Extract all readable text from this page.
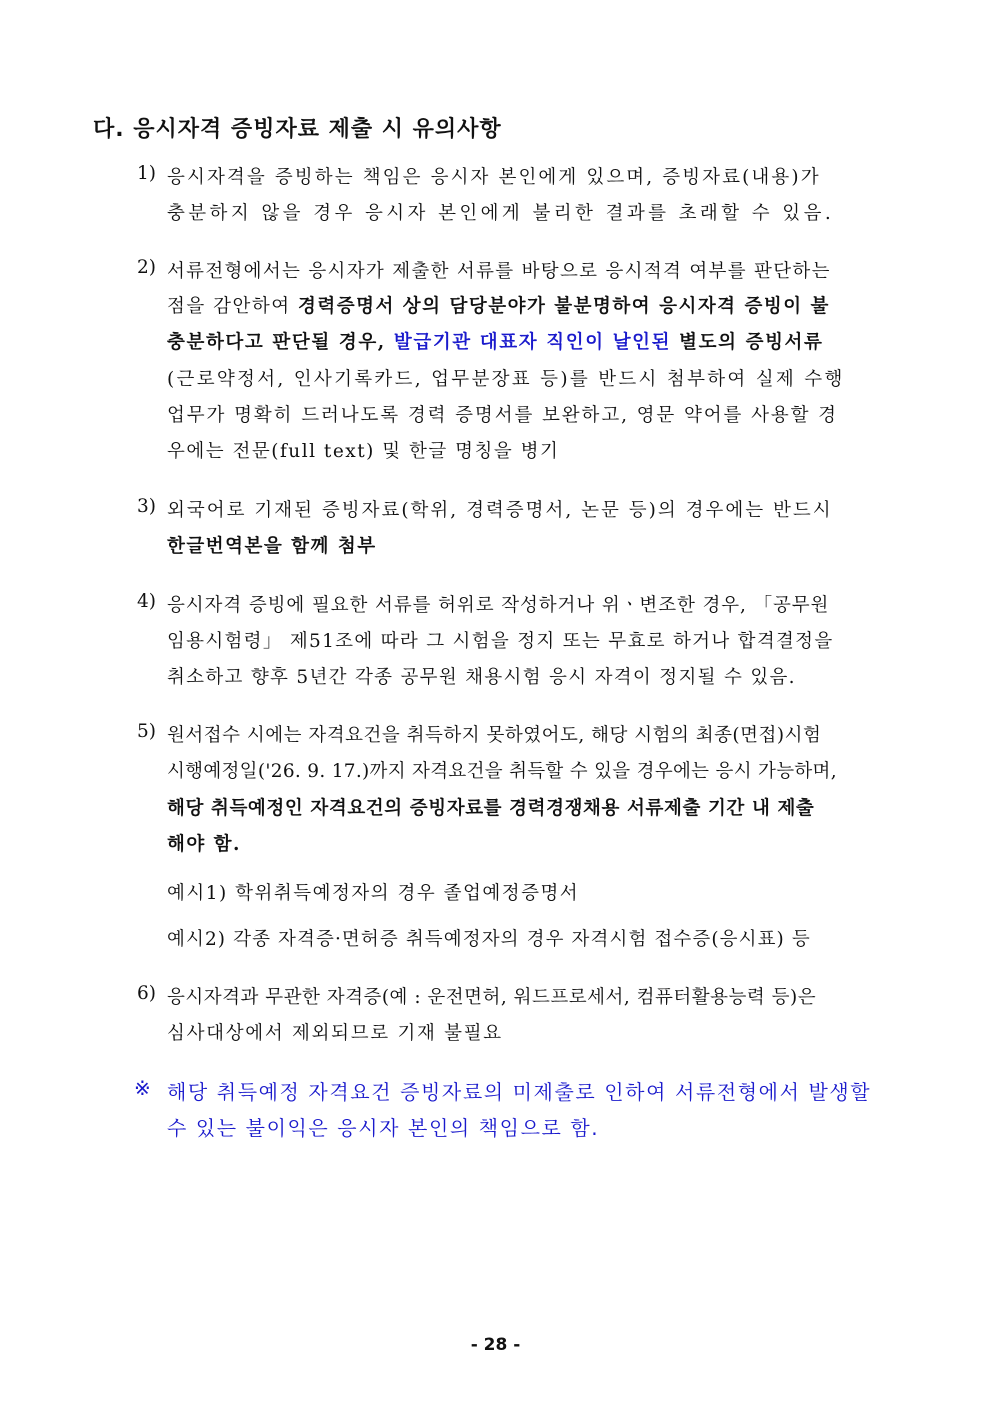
다. 응시자격 증빙자료 제출 시 유의사항
1) 응시자격을 증빙하는 책임은 응시자 본인에게 있으며, 증빙자료(내용)가
충분하지 않을 경우 응시자 본인에게 불리한 결과를 초래할 수 있음.
2) 서류전형에서는 응시자가 제출한 서류를 바탕으로 응시적격 여부를 판단하는
점을 감안하여 경력증명서 상의 담당분야가 불분명하여 응시자격 증빙이 불
충분하다고 판단될 경우, 발급기관 대표자 직인이 날인된 별도의 증빙서류
(근로약정서, 인사기록카드, 업무분장표 등)를 반드시 첨부하여 실제 수행
업무가 명확히 드러나도록 경력 증명서를 보완하고, 영문 약어를 사용할 경
우에는 전문(full text) 및 한글 명칭을 병기
3) 외국어로 기재된 증빙자료(학위, 경력증명서, 논문 등)의 경우에는 반드시
한글번역본을 함께 첨부
4) 응시자격 증빙에 필요한 서류를 허위로 작성하거나 위ㆍ변조한 경우, 「공무원
임용시험령」 제51조에 따라 그 시험을 정지 또는 무효로 하거나 합격결정을
취소하고 향후 5년간 각종 공무원 채용시험 응시 자격이 정지될 수 있음.
5) 원서접수 시에는 자격요건을 취득하지 못하였어도, 해당 시험의 최종(면접)시험
시행예정일('26. 9. 17.)까지 자격요건을 취득할 수 있을 경우에는 응시 가능하며,
해당 취득예정인 자격요건의 증빙자료를 경력경쟁채용 서류제출 기간 내 제출
해야 함.
예시1) 학위취득예정자의 경우 졸업예정증명서
예시2) 각종 자격증·면허증 취득예정자의 경우 자격시험 접수증(응시표) 등
6) 응시자격과 무관한 자격증(예 : 운전면허, 워드프로세서, 컴퓨터활용능력 등)은
심사대상에서 제외되므로 기재 불필요
※ 해당 취득예정 자격요건 증빙자료의 미제출로 인하여 서류전형에서 발생할
수 있는 불이익은 응시자 본인의 책임으로 함.
- 28 -
